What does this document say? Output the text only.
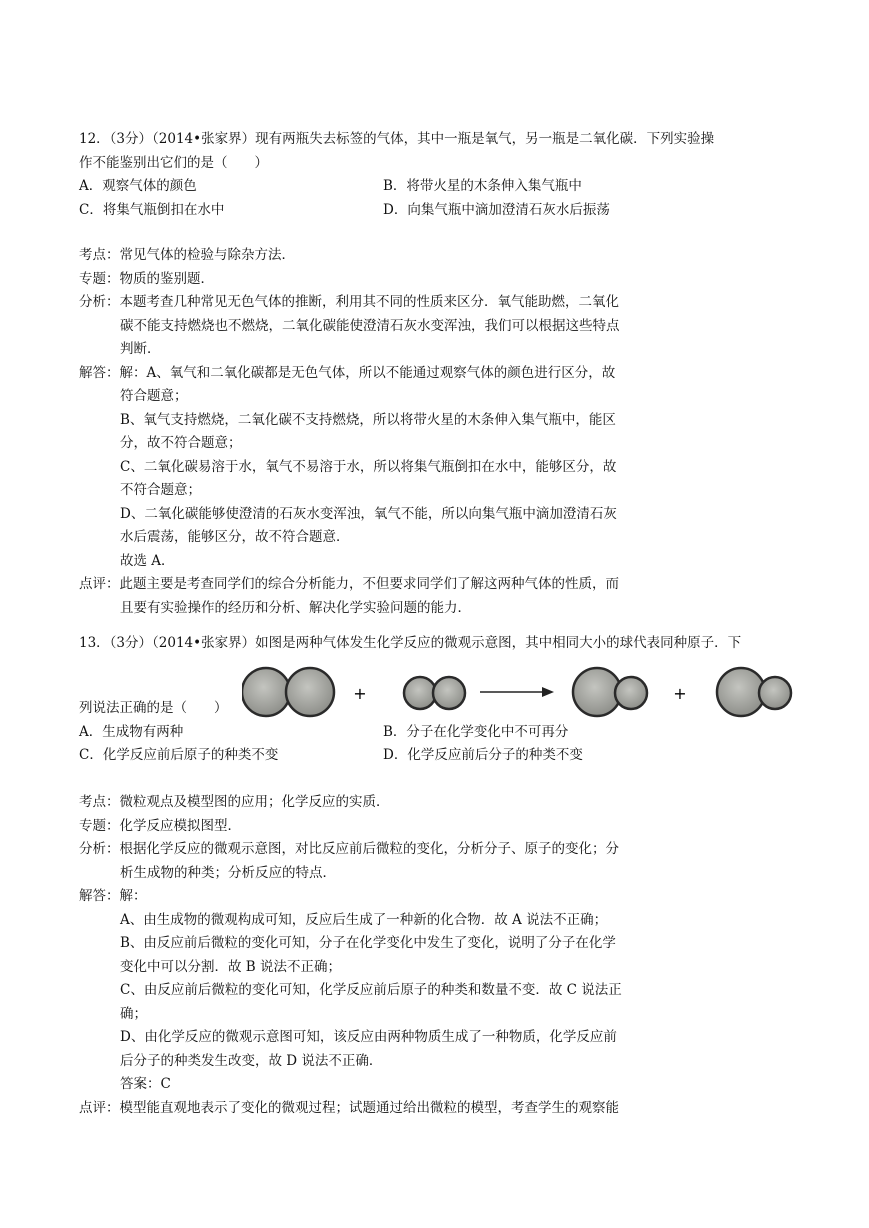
12．（3分）（2014•张家界）现有两瓶失去标签的气体，其中一瓶是氧气，另一瓶是二氧化碳．下列实验操
作不能鉴别出它们的是（　　）
A．观察气体的颜色	B．将带火星的木条伸入集气瓶中
C．将集气瓶倒扣在水中	D．向集气瓶中滴加澄清石灰水后振荡
考点：常见气体的检验与除杂方法．
专题：物质的鉴别题．
分析：本题考查几种常见无色气体的推断，利用其不同的性质来区分．氧气能助燃，二氧化
碳不能支持燃烧也不燃烧，二氧化碳能使澄清石灰水变浑浊，我们可以根据这些特点
判断．
解答：解：A、氧气和二氧化碳都是无色气体，所以不能通过观察气体的颜色进行区分，故
符合题意；
B、氧气支持燃烧，二氧化碳不支持燃烧，所以将带火星的木条伸入集气瓶中，能区
分，故不符合题意；
C、二氧化碳易溶于水，氧气不易溶于水，所以将集气瓶倒扣在水中，能够区分，故
不符合题意；
D、二氧化碳能够使澄清的石灰水变浑浊，氧气不能，所以向集气瓶中滴加澄清石灰
水后震荡，能够区分，故不符合题意．
故选 A．
点评：此题主要是考查同学们的综合分析能力，不但要求同学们了解这两种气体的性质，而
且要有实验操作的经历和分析、解决化学实验问题的能力．
13．（3分）（2014•张家界）如图是两种气体发生化学反应的微观示意图，其中相同大小的球代表同种原子．下
+	+
列说法正确的是（　　）
A．生成物有两种	B．分子在化学变化中不可再分
C．化学反应前后原子的种类不变	D．化学反应前后分子的种类不变
考点：微粒观点及模型图的应用；化学反应的实质．
专题：化学反应模拟图型．
分析：根据化学反应的微观示意图，对比反应前后微粒的变化，分析分子、原子的变化；分
析生成物的种类；分析反应的特点．
解答：解：
A、由生成物的微观构成可知，反应后生成了一种新的化合物．故 A 说法不正确；
B、由反应前后微粒的变化可知，分子在化学变化中发生了变化，说明了分子在化学
变化中可以分割．故 B 说法不正确；
C、由反应前后微粒的变化可知，化学反应前后原子的种类和数量不变．故 C 说法正
确；
D、由化学反应的微观示意图可知，该反应由两种物质生成了一种物质，化学反应前
后分子的种类发生改变，故 D 说法不正确．
答案：C
点评：模型能直观地表示了变化的微观过程；试题通过给出微粒的模型，考查学生的观察能
